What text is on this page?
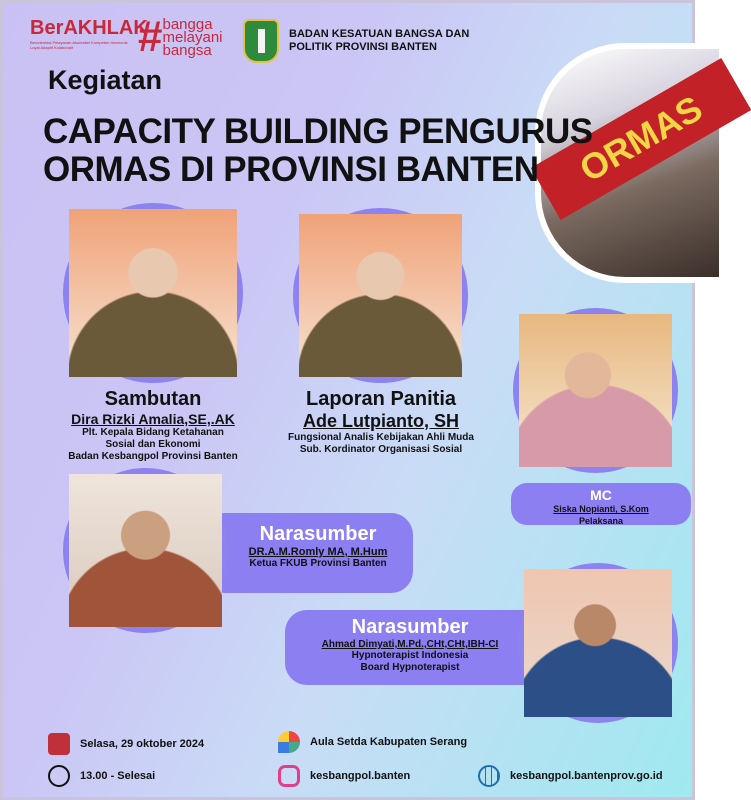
BerAKHLAK
Berorientasi Pelayanan Akuntabel Kompeten Harmonis Loyal Adaptif Kolaboratif	# bangga
melayani
bangsa
BADAN KESATUAN BANGSA DAN
POLITIK PROVINSI BANTEN
Kegiatan
ORMAS
CAPACITY BUILDING PENGURUS
ORMAS DI PROVINSI BANTEN
Sambutan
Dira Rizki Amalia,SE,.AK
Plt. Kepala Bidang Ketahanan
Sosial dan Ekonomi
Badan Kesbangpol Provinsi Banten
Laporan Panitia
Ade Lutpianto, SH
Fungsional Analis Kebijakan Ahli Muda
Sub. Kordinator Organisasi Sosial
MC
Siska Nopianti, S.Kom
Pelaksana
Narasumber
DR.A.M.Romly MA, M.Hum
Ketua FKUB Provinsi Banten
Narasumber
Ahmad Dimyati,M.Pd.,CHt,CHt,IBH-CI
Hypnoterapist Indonesia
Board Hypnoterapist
Selasa, 29 oktober 2024
13.00 - Selesai
Aula Setda Kabupaten Serang
kesbangpol.banten	kesbangpol.bantenprov.go.id
